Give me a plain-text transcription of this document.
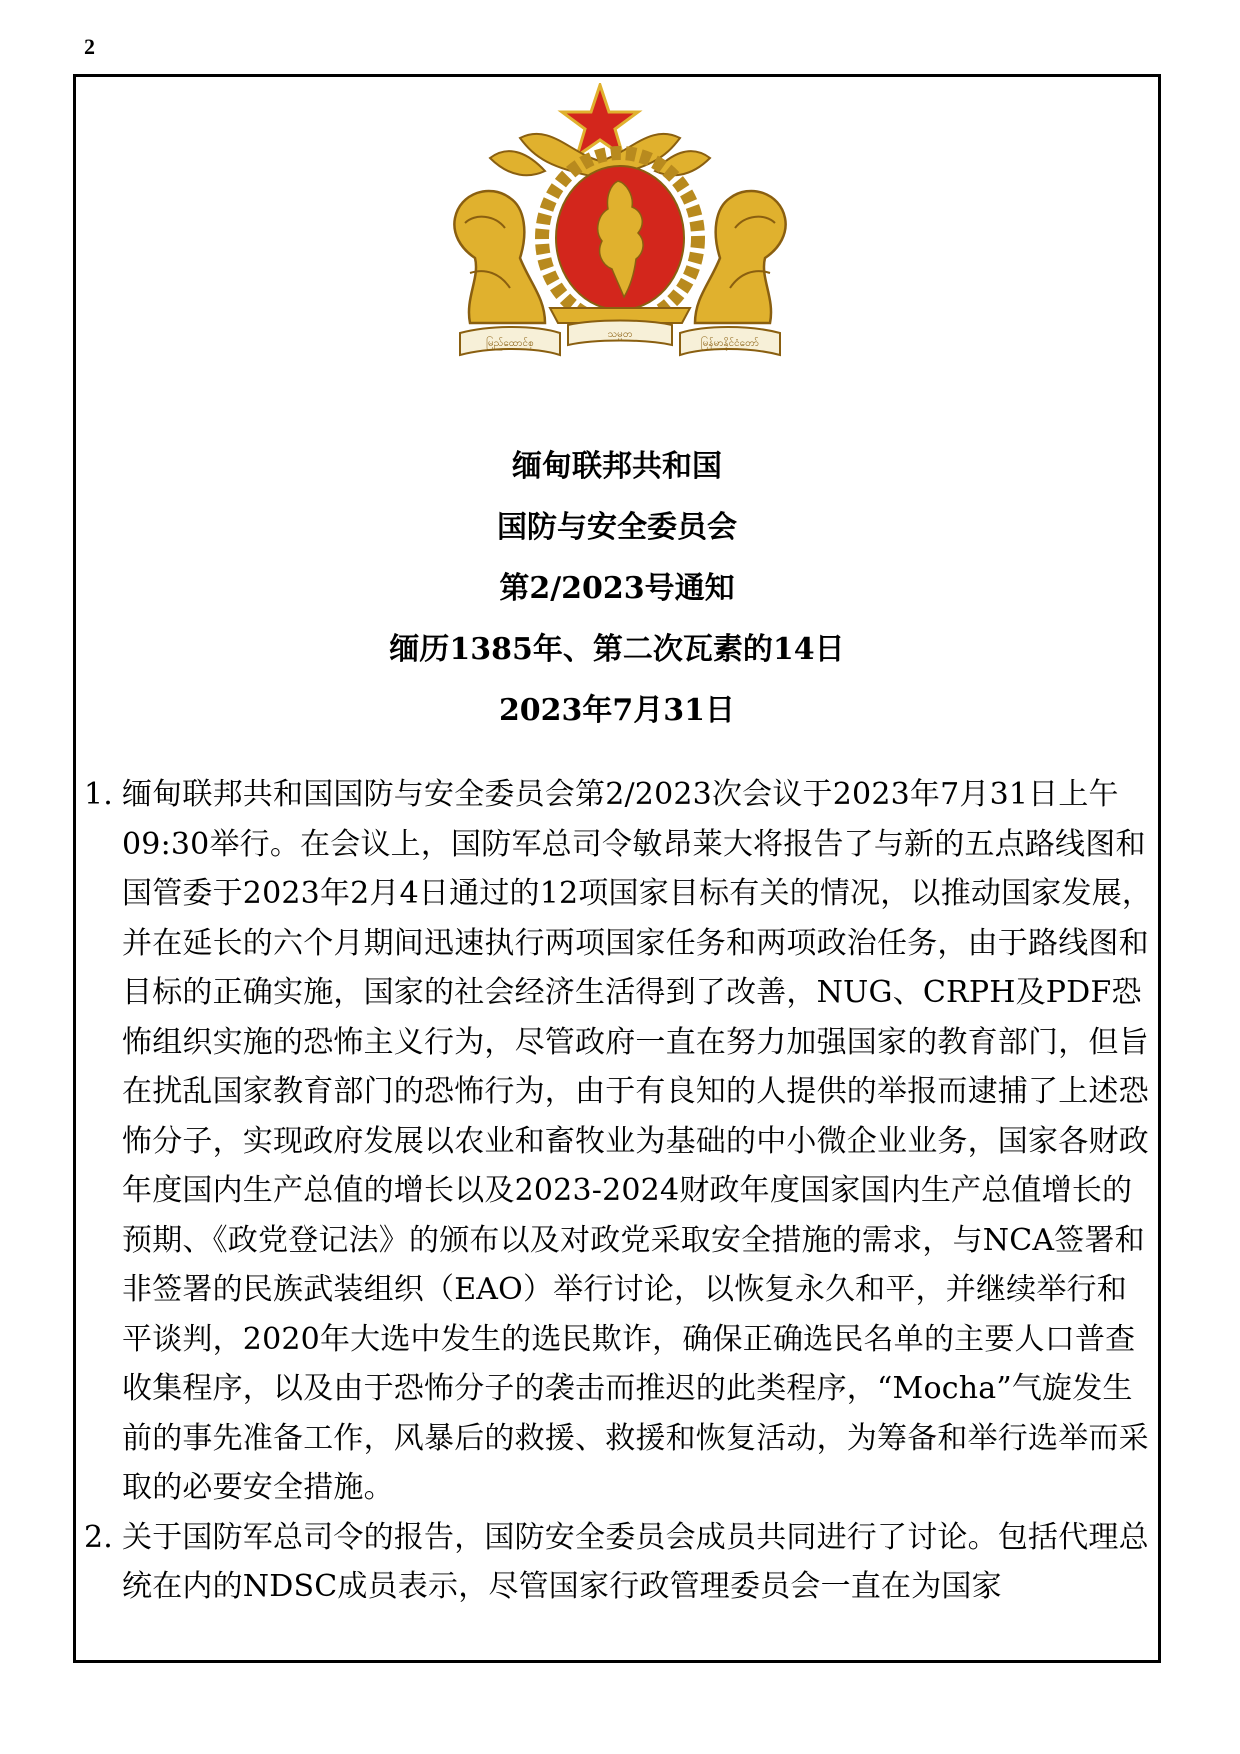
2
မြည်ထောင်စု
သမ္မတ
မြန်မာနိုင်ငံတော်
缅甸联邦共和国
国防与安全委员会
第2/2023号通知
缅历1385年、第二次瓦素的14日
2023年7月31日
1. 缅甸联邦共和国国防与安全委员会第2/2023次会议于2023年7月31日上午09:30举行。在会议上，国防军总司令敏昂莱大将报告了与新的五点路线图和国管委于2023年2月4日通过的12项国家目标有关的情况，以推动国家发展，并在延长的六个月期间迅速执行两项国家任务和两项政治任务，由于路线图和目标的正确实施，国家的社会经济生活得到了改善，NUG、CRPH及PDF恐怖组织实施的恐怖主义行为，尽管政府一直在努力加强国家的教育部门，但旨在扰乱国家教育部门的恐怖行为，由于有良知的人提供的举报而逮捕了上述恐怖分子，实现政府发展以农业和畜牧业为基础的中小微企业业务，国家各财政年度国内生产总值的增长以及2023-2024财政年度国家国内生产总值增长的预期、《政党登记法》的颁布以及对政党采取安全措施的需求，与NCA签署和非签署的民族武装组织（EAO）举行讨论，以恢复永久和平，并继续举行和平谈判，2020年大选中发生的选民欺诈，确保正确选民名单的主要人口普查收集程序，以及由于恐怖分子的袭击而推迟的此类程序，“Mocha”气旋发生前的事先准备工作，风暴后的救援、救援和恢复活动，为筹备和举行选举而采取的必要安全措施。
2. 关于国防军总司令的报告，国防安全委员会成员共同进行了讨论。包括代理总统在内的NDSC成员表示，尽管国家行政管理委员会一直在为国家
